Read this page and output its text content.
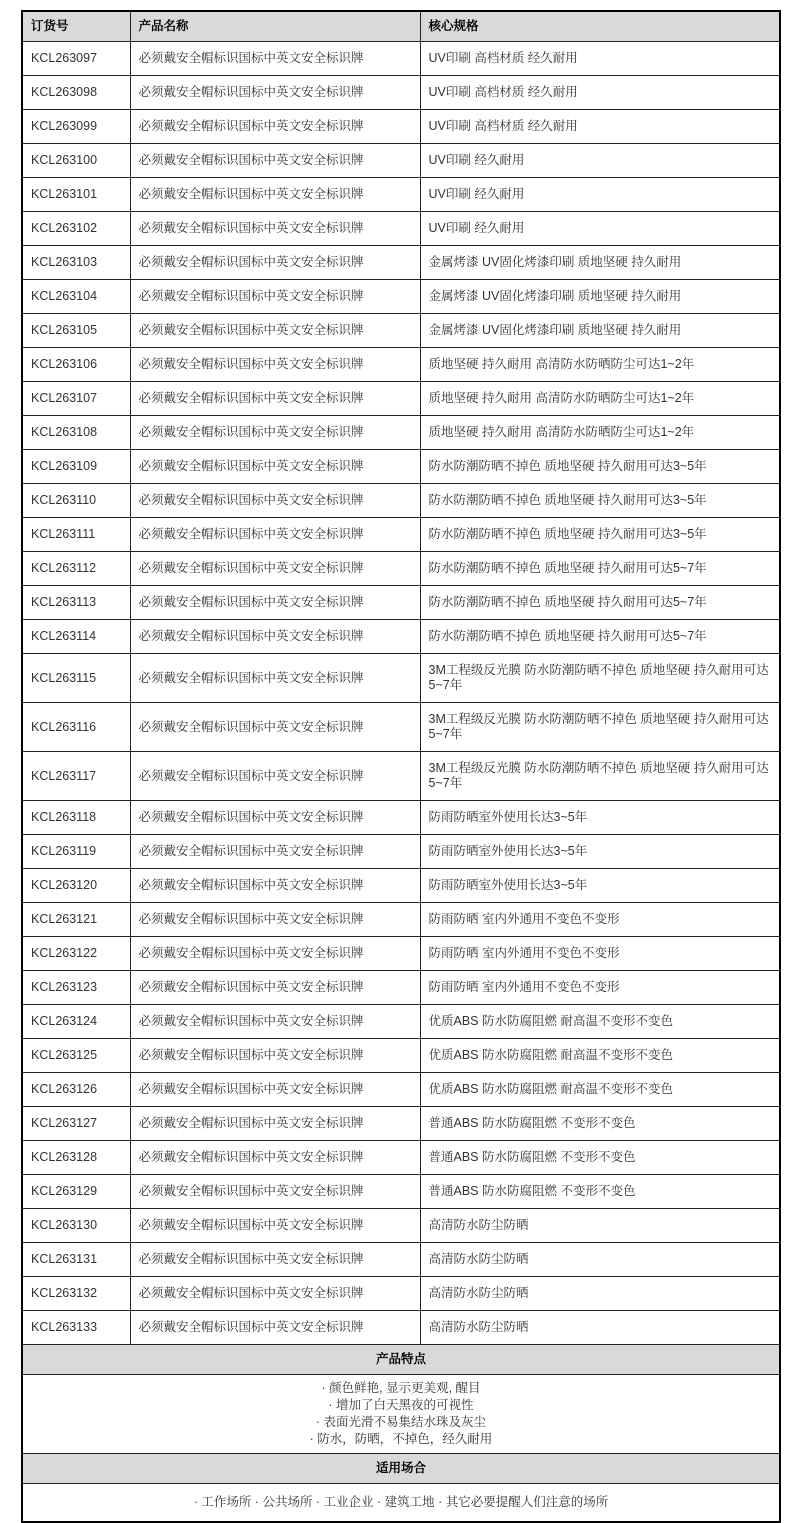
订货号	产品名称	核心规格
KCL263097	必须戴安全帽标识国标中英文安全标识牌	UV印刷 高档材质 经久耐用
KCL263098	必须戴安全帽标识国标中英文安全标识牌	UV印刷 高档材质 经久耐用
KCL263099	必须戴安全帽标识国标中英文安全标识牌	UV印刷 高档材质 经久耐用
KCL263100	必须戴安全帽标识国标中英文安全标识牌	UV印刷 经久耐用
KCL263101	必须戴安全帽标识国标中英文安全标识牌	UV印刷 经久耐用
KCL263102	必须戴安全帽标识国标中英文安全标识牌	UV印刷 经久耐用
KCL263103	必须戴安全帽标识国标中英文安全标识牌	金属烤漆 UV固化烤漆印刷 质地坚硬 持久耐用
KCL263104	必须戴安全帽标识国标中英文安全标识牌	金属烤漆 UV固化烤漆印刷 质地坚硬 持久耐用
KCL263105	必须戴安全帽标识国标中英文安全标识牌	金属烤漆 UV固化烤漆印刷 质地坚硬 持久耐用
KCL263106	必须戴安全帽标识国标中英文安全标识牌	质地坚硬 持久耐用 高清防水防晒防尘可达1~2年
KCL263107	必须戴安全帽标识国标中英文安全标识牌	质地坚硬 持久耐用 高清防水防晒防尘可达1~2年
KCL263108	必须戴安全帽标识国标中英文安全标识牌	质地坚硬 持久耐用 高清防水防晒防尘可达1~2年
KCL263109	必须戴安全帽标识国标中英文安全标识牌	防水防潮防晒不掉色 质地坚硬 持久耐用可达3~5年
KCL263110	必须戴安全帽标识国标中英文安全标识牌	防水防潮防晒不掉色 质地坚硬 持久耐用可达3~5年
KCL263111	必须戴安全帽标识国标中英文安全标识牌	防水防潮防晒不掉色 质地坚硬 持久耐用可达3~5年
KCL263112	必须戴安全帽标识国标中英文安全标识牌	防水防潮防晒不掉色 质地坚硬 持久耐用可达5~7年
KCL263113	必须戴安全帽标识国标中英文安全标识牌	防水防潮防晒不掉色 质地坚硬 持久耐用可达5~7年
KCL263114	必须戴安全帽标识国标中英文安全标识牌	防水防潮防晒不掉色 质地坚硬 持久耐用可达5~7年
KCL263115	必须戴安全帽标识国标中英文安全标识牌	3M工程级反光膜 防水防潮防晒不掉色 质地坚硬 持久耐用可达5~7年
KCL263116	必须戴安全帽标识国标中英文安全标识牌	3M工程级反光膜 防水防潮防晒不掉色 质地坚硬 持久耐用可达5~7年
KCL263117	必须戴安全帽标识国标中英文安全标识牌	3M工程级反光膜 防水防潮防晒不掉色 质地坚硬 持久耐用可达5~7年
KCL263118	必须戴安全帽标识国标中英文安全标识牌	防雨防晒室外使用长达3~5年
KCL263119	必须戴安全帽标识国标中英文安全标识牌	防雨防晒室外使用长达3~5年
KCL263120	必须戴安全帽标识国标中英文安全标识牌	防雨防晒室外使用长达3~5年
KCL263121	必须戴安全帽标识国标中英文安全标识牌	防雨防晒 室内外通用不变色不变形
KCL263122	必须戴安全帽标识国标中英文安全标识牌	防雨防晒 室内外通用不变色不变形
KCL263123	必须戴安全帽标识国标中英文安全标识牌	防雨防晒 室内外通用不变色不变形
KCL263124	必须戴安全帽标识国标中英文安全标识牌	优质ABS 防水防腐阻燃 耐高温不变形不变色
KCL263125	必须戴安全帽标识国标中英文安全标识牌	优质ABS 防水防腐阻燃 耐高温不变形不变色
KCL263126	必须戴安全帽标识国标中英文安全标识牌	优质ABS 防水防腐阻燃 耐高温不变形不变色
KCL263127	必须戴安全帽标识国标中英文安全标识牌	普通ABS 防水防腐阻燃 不变形不变色
KCL263128	必须戴安全帽标识国标中英文安全标识牌	普通ABS 防水防腐阻燃 不变形不变色
KCL263129	必须戴安全帽标识国标中英文安全标识牌	普通ABS 防水防腐阻燃 不变形不变色
KCL263130	必须戴安全帽标识国标中英文安全标识牌	高清防水防尘防晒
KCL263131	必须戴安全帽标识国标中英文安全标识牌	高清防水防尘防晒
KCL263132	必须戴安全帽标识国标中英文安全标识牌	高清防水防尘防晒
KCL263133	必须戴安全帽标识国标中英文安全标识牌	高清防水防尘防晒
产品特点		

· 颜色鲜艳, 显示更美观, 醒目
· 增加了白天黑夜的可视性
· 表面光滑不易集结水珠及灰尘
· 防水，防晒，不掉色，经久耐用		

适用场合		
· 工作场所 · 公共场所 · 工业企业 · 建筑工地 · 其它必要提醒人们注意的场所		
